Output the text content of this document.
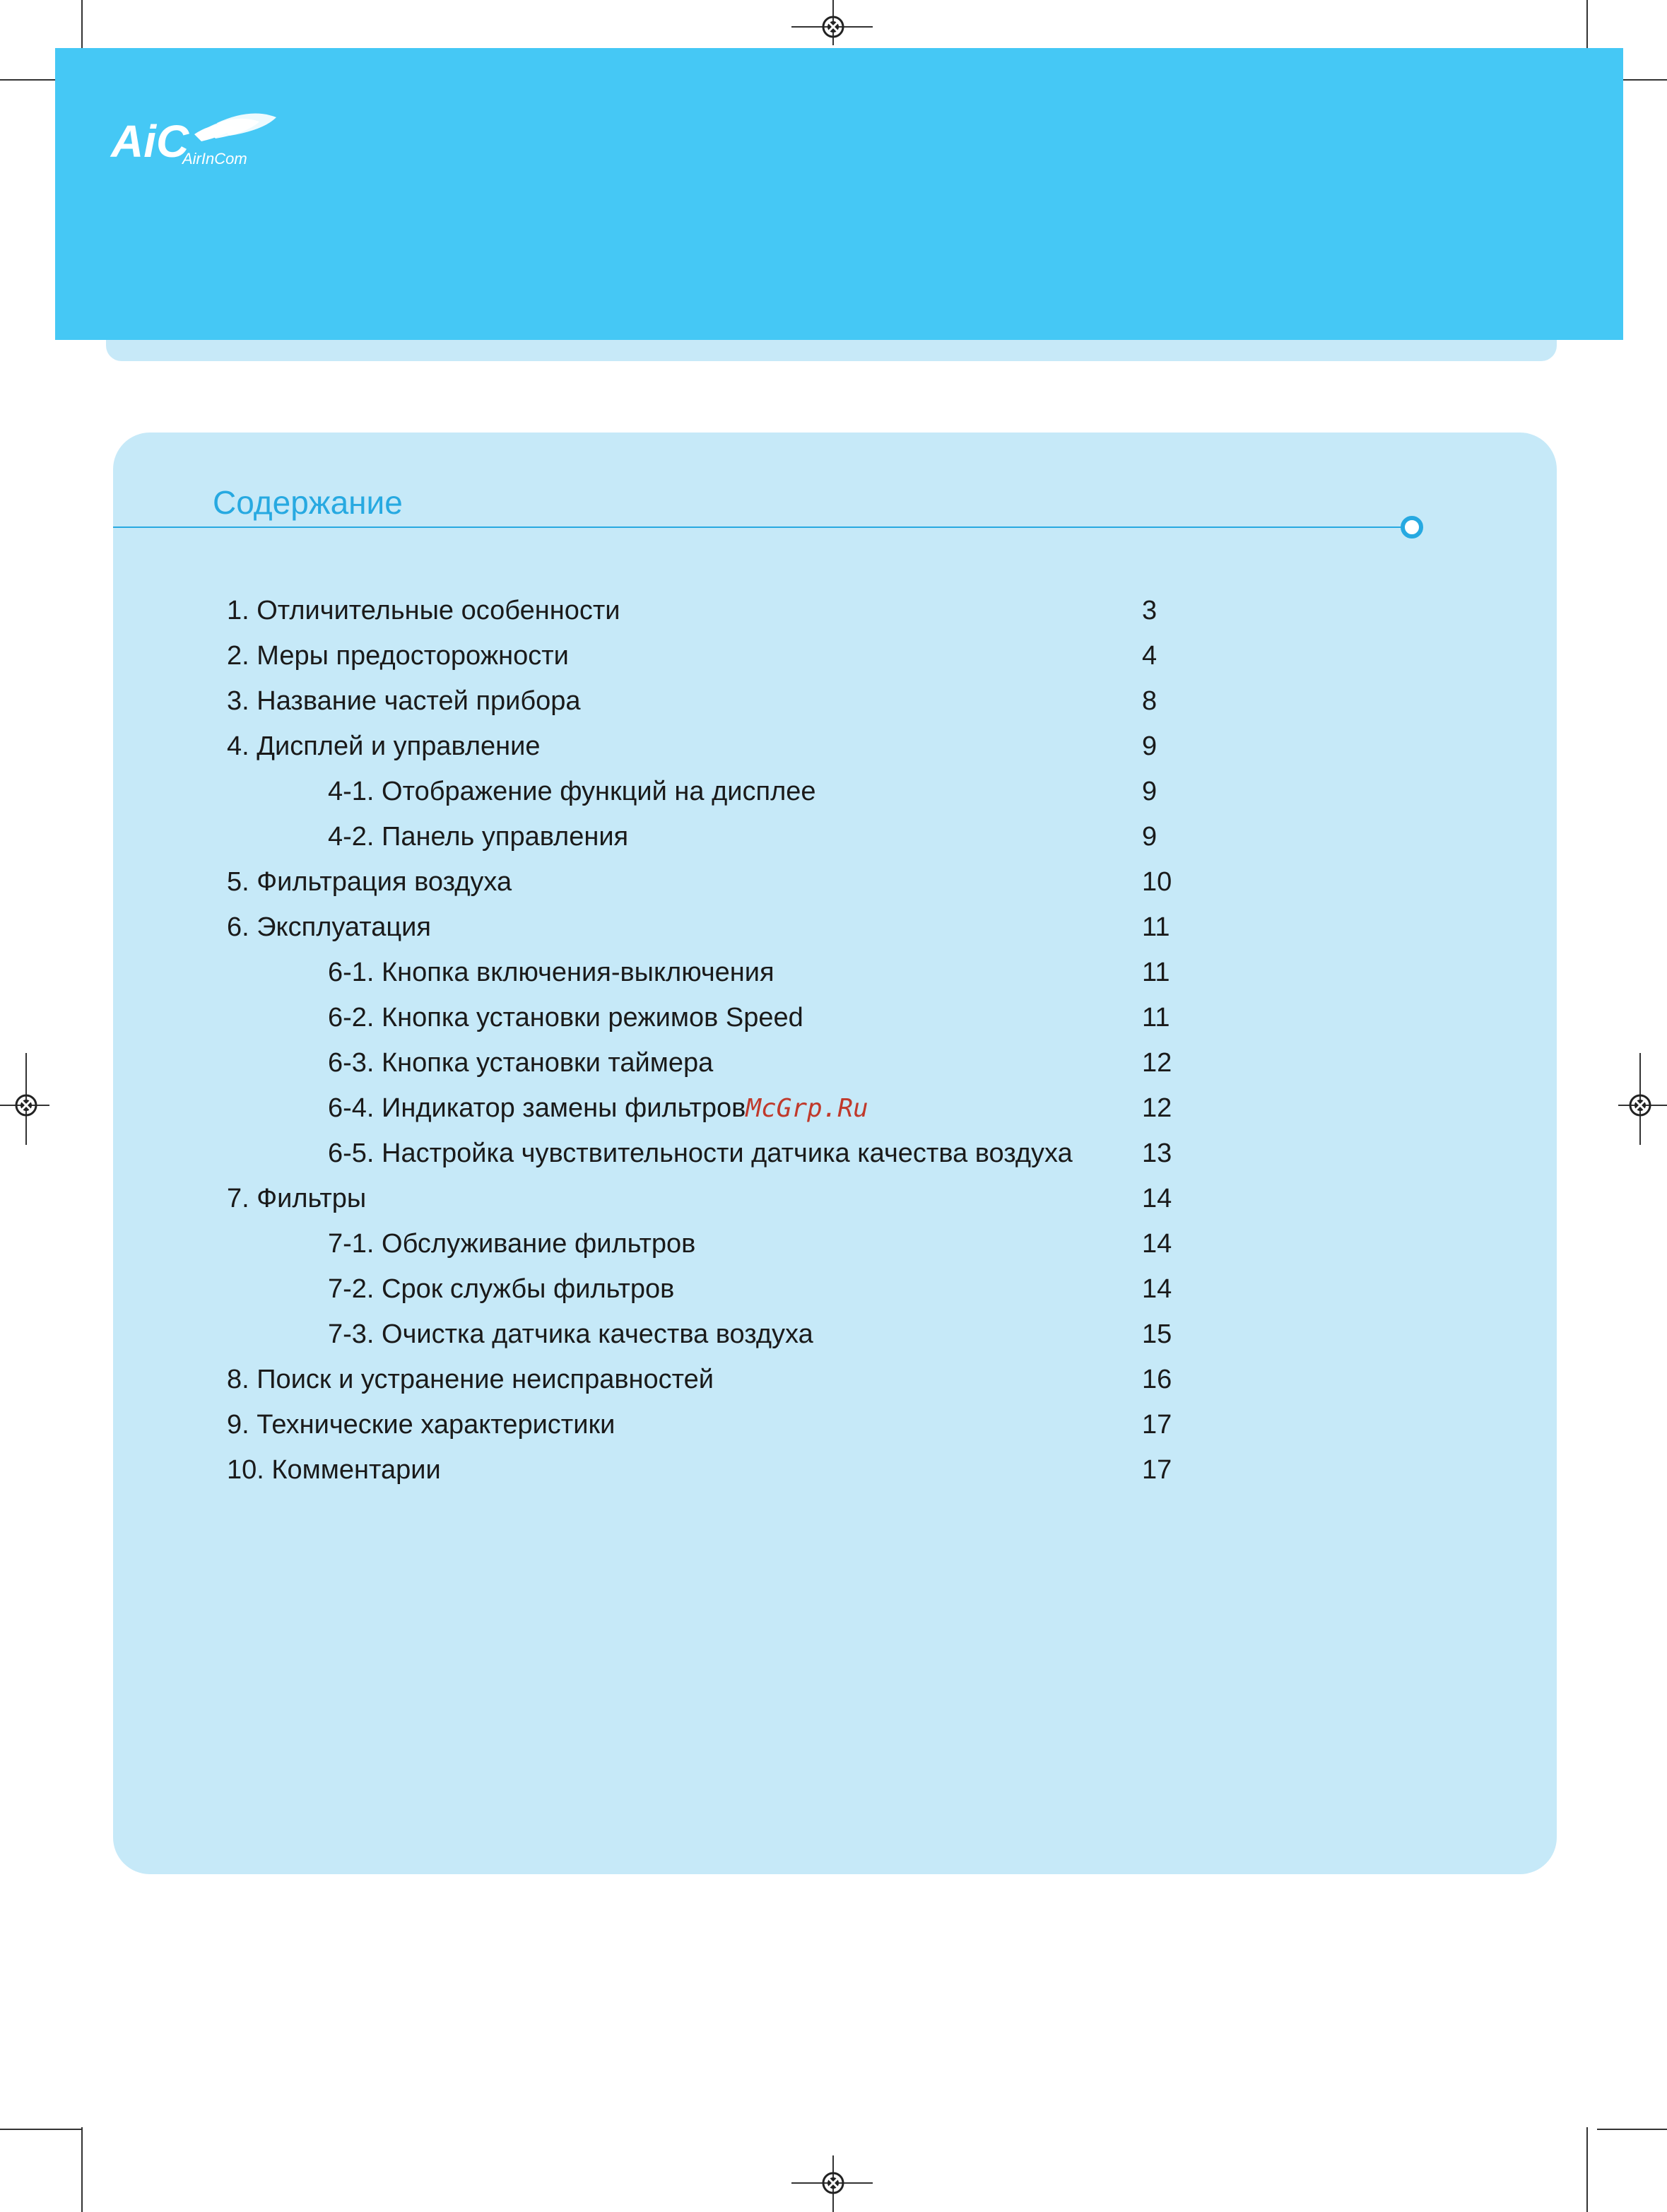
AiC
AirInCom
Содержание
1. Отличительные особенности	3
2. Меры предосторожности	4
3. Название частей прибора	8
4. Дисплей и управление	9
4-1. Отображение функций на дисплее	9
4-2. Панель управления	9
5. Фильтрация воздуха	10
6. Эксплуатация	11
6-1. Кнопка включения-выключения	11
6-2. Кнопка установки режимов Speed	11
6-3. Кнопка установки таймера	12
6-4. Индикатор замены фильтровMcGrp.Ru	12
6-5. Настройка чувствительности датчика качества воздуха	13
7. Фильтры	14
7-1. Обслуживание фильтров	14
7-2. Срок службы фильтров	14
7-3. Очистка датчика качества воздуха	15
8. Поиск и устранение неисправностей	16
9. Технические характеристики	17
10. Комментарии	17
